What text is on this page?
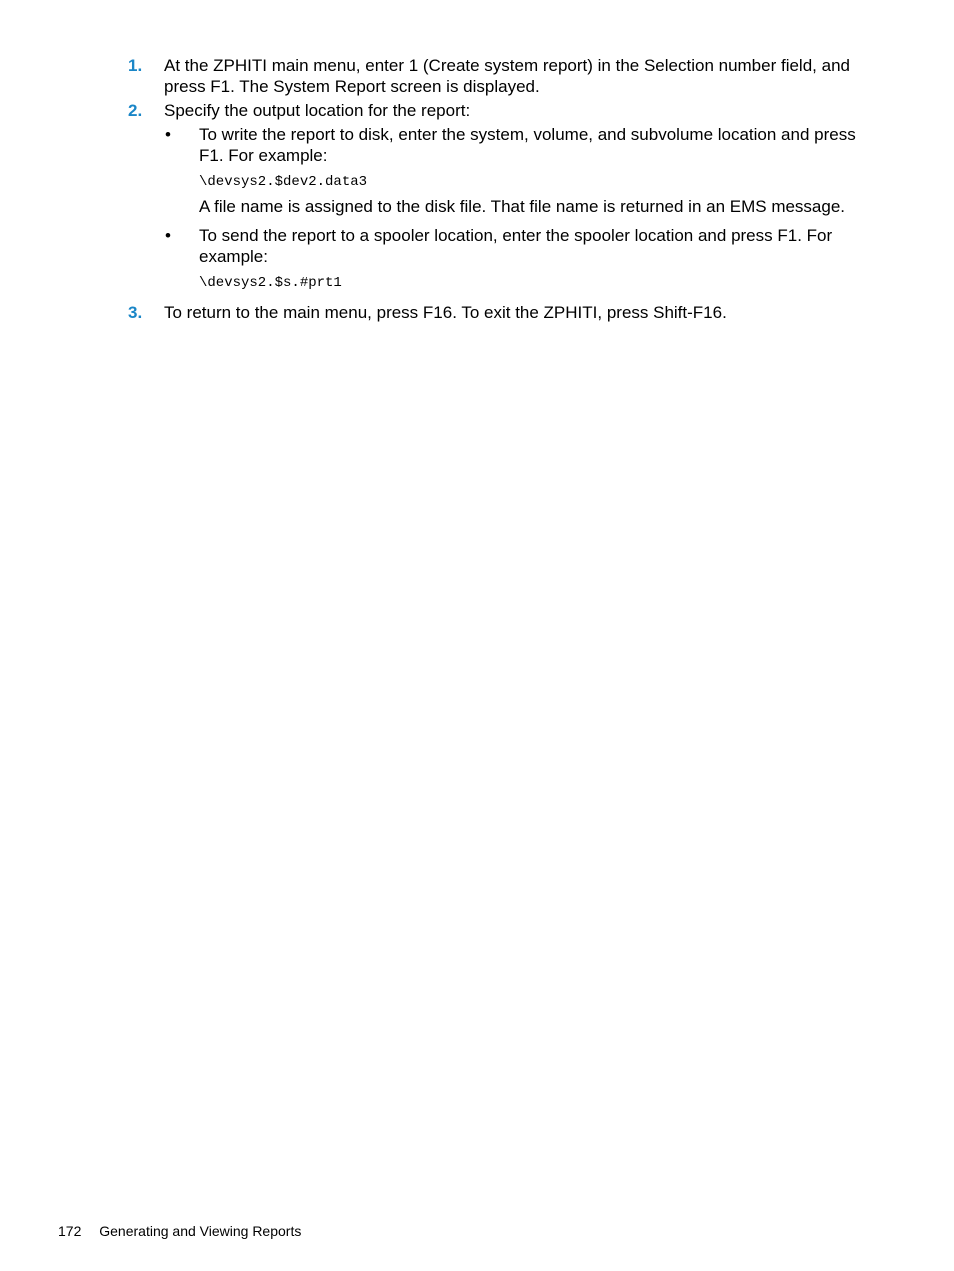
1. At the ZPHITI main menu, enter 1 (Create system report) in the Selection number field, and press F1. The System Report screen is displayed.
2. Specify the output location for the report:
• To write the report to disk, enter the system, volume, and subvolume location and press F1. For example:
\devsys2.$dev2.data3
A file name is assigned to the disk file. That file name is returned in an EMS message.
• To send the report to a spooler location, enter the spooler location and press F1. For example:
\devsys2.$s.#prt1
3. To return to the main menu, press F16. To exit the ZPHITI, press Shift-F16.
172 Generating and Viewing Reports
